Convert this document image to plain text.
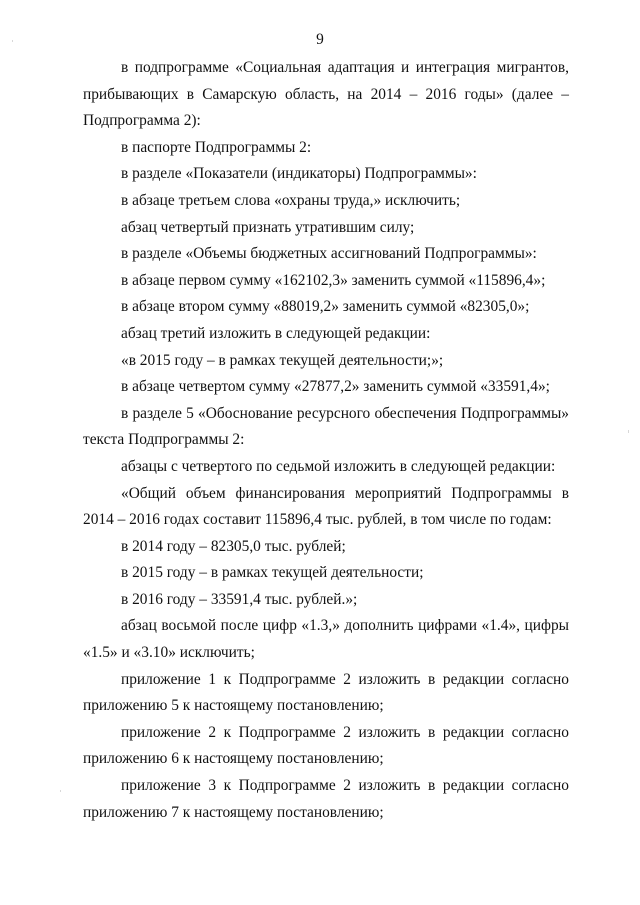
9

в подпрограмме «Социальная адаптация и интеграция мигрантов, прибывающих в Самарскую область, на 2014 – 2016 годы» (далее – Подпрограмма 2):

в паспорте Подпрограммы 2:

в разделе «Показатели (индикаторы) Подпрограммы»:

в абзаце третьем слова «охраны труда,» исключить;

абзац четвертый признать утратившим силу;

в разделе «Объемы бюджетных ассигнований Подпрограммы»:

в абзаце первом сумму «162102,3» заменить суммой «115896,4»;

в абзаце втором сумму «88019,2» заменить суммой «82305,0»;

абзац третий изложить в следующей редакции:

«в 2015 году – в рамках текущей деятельности;»;

в абзаце четвертом сумму «27877,2» заменить суммой «33591,4»;

в разделе 5 «Обоснование ресурсного обеспечения Подпрограммы» текста Подпрограммы 2:

абзацы с четвертого по седьмой изложить в следующей редакции:

«Общий объем финансирования мероприятий Подпрограммы в 2014 – 2016 годах составит 115896,4 тыс. рублей, в том числе по годам:

в 2014 году – 82305,0 тыс. рублей;

в 2015 году – в рамках текущей деятельности;

в 2016 году – 33591,4 тыс. рублей.»;

абзац восьмой после цифр «1.3,» дополнить цифрами «1.4», цифры «1.5» и «3.10» исключить;

приложение 1 к Подпрограмме 2 изложить в редакции согласно приложению 5 к настоящему постановлению;

приложение 2 к Подпрограмме 2 изложить в редакции согласно приложению 6 к настоящему постановлению;

приложение 3 к Подпрограмме 2 изложить в редакции согласно приложению 7 к настоящему постановлению;
